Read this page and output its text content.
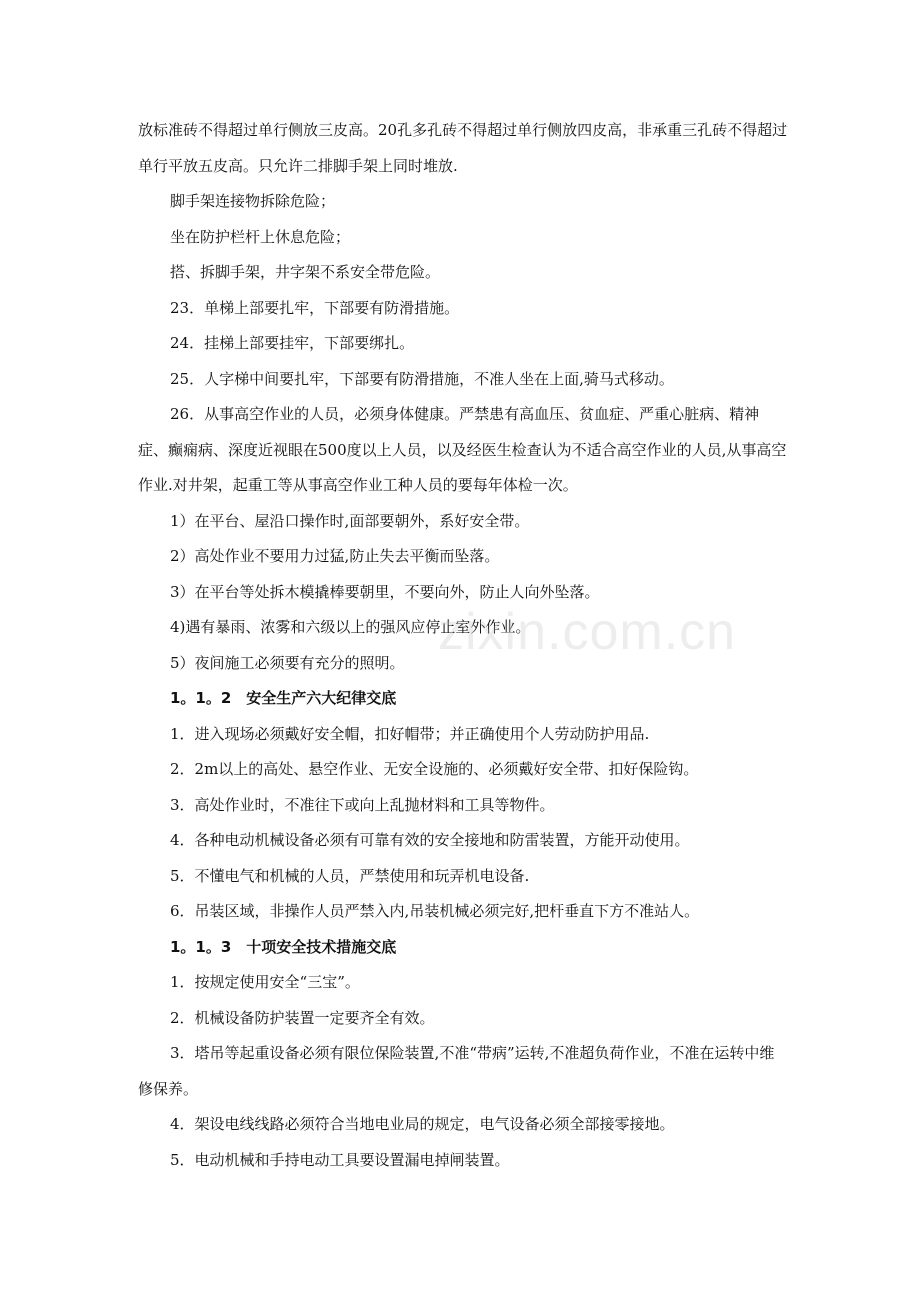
放标准砖不得超过单行侧放三皮高。20孔多孔砖不得超过单行侧放四皮高，非承重三孔砖不得超过单行平放五皮高。只允许二排脚手架上同时堆放.

脚手架连接物拆除危险；

坐在防护栏杆上休息危险；

搭、拆脚手架，井字架不系安全带危险。

23．单梯上部要扎牢，下部要有防滑措施。

24．挂梯上部要挂牢，下部要绑扎。

25．人字梯中间要扎牢，下部要有防滑措施，不准人坐在上面,骑马式移动。

26．从事高空作业的人员，必须身体健康。严禁患有高血压、贫血症、严重心脏病、精神症、癫痫病、深度近视眼在500度以上人员，以及经医生检查认为不适合高空作业的人员,从事高空作业.对井架，起重工等从事高空作业工种人员的要每年体检一次。

1）在平台、屋沿口操作时,面部要朝外，系好安全带。

2）高处作业不要用力过猛,防止失去平衡而坠落。

3）在平台等处拆木模撬棒要朝里，不要向外，防止人向外坠落。

4)遇有暴雨、浓雾和六级以上的强风应停止室外作业。

5）夜间施工必须要有充分的照明。

1。1。2　安全生产六大纪律交底

1．进入现场必须戴好安全帽，扣好帽带；并正确使用个人劳动防护用品.

2．2m以上的高处、悬空作业、无安全设施的、必须戴好安全带、扣好保险钩。

3．高处作业时，不准往下或向上乱抛材料和工具等物件。

4．各种电动机械设备必须有可靠有效的安全接地和防雷装置，方能开动使用。

5．不懂电气和机械的人员，严禁使用和玩弄机电设备.

6．吊装区域，非操作人员严禁入内,吊装机械必须完好,把杆垂直下方不准站人。

1。1。3　十项安全技术措施交底

1．按规定使用安全“三宝”。

2．机械设备防护装置一定要齐全有效。

3．塔吊等起重设备必须有限位保险装置,不准“带病”运转,不准超负荷作业，不准在运转中维修保养。

4．架设电线线路必须符合当地电业局的规定，电气设备必须全部接零接地。

5．电动机械和手持电动工具要设置漏电掉闸装置。

zixin.com.cn
